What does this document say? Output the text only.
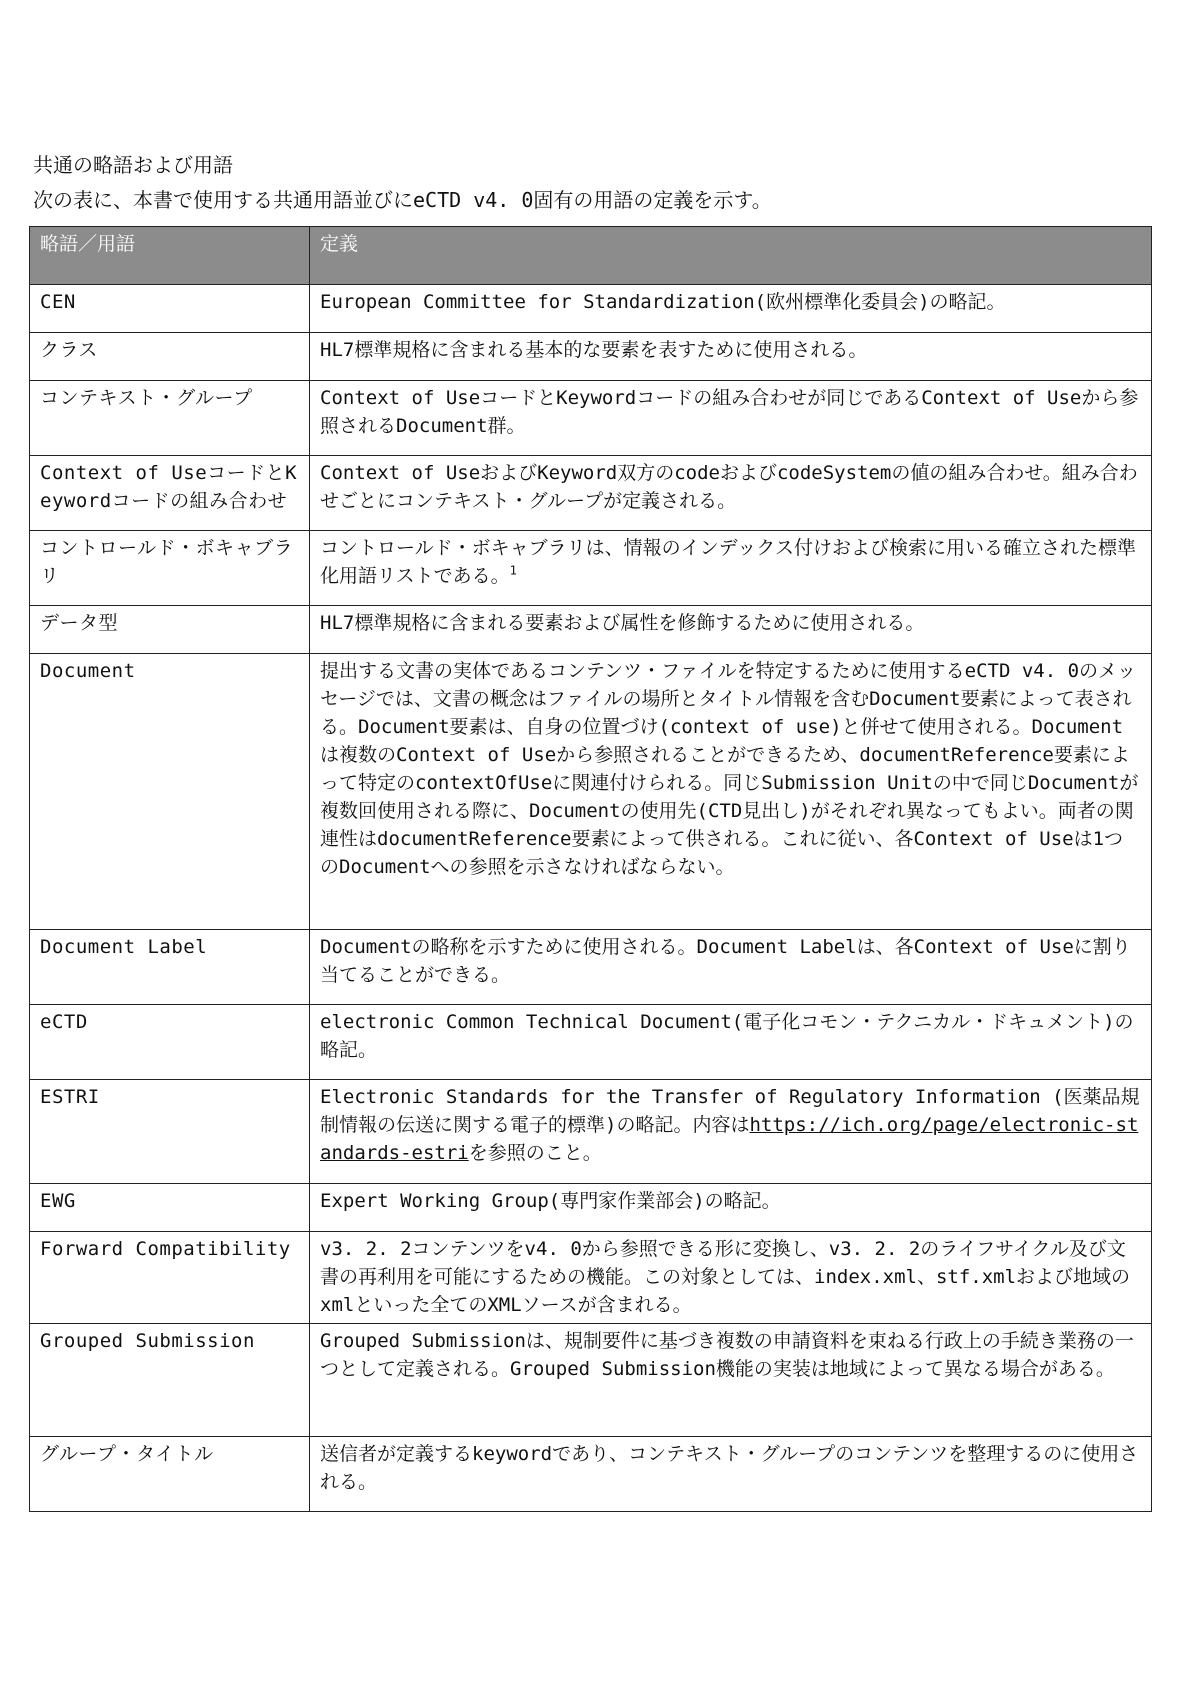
共通の略語および用語
次の表に、本書で使用する共通用語並びにeCTD v4. 0固有の用語の定義を示す。
略語／用語	定義
CEN	European Committee for Standardization(欧州標準化委員会)の略記。
クラス	HL7標準規格に含まれる基本的な要素を表すために使用される。
コンテキスト・グループ	Context of UseコードとKeywordコードの組み合わせが同じであるContext of Useから参照されるDocument群。
Context of UseコードとKeywordコードの組み合わせ	Context of UseおよびKeyword双方のcodeおよびcodeSystemの値の組み合わせ。組み合わせごとにコンテキスト・グループが定義される。
コントロールド・ボキャブラリ	コントロールド・ボキャブラリは、情報のインデックス付けおよび検索に用いる確立された標準化用語リストである。$^1$
データ型	HL7標準規格に含まれる要素および属性を修飾するために使用される。
Document	提出する文書の実体であるコンテンツ・ファイルを特定するために使用するeCTD v4. 0のメッセージでは、文書の概念はファイルの場所とタイトル情報を含むDocument要素によって表される。Document要素は、自身の位置づけ(context of use)と併せて使用される。Documentは複数のContext of Useから参照されることができるため、documentReference要素によって特定のcontextOfUseに関連付けられる。同じSubmission Unitの中で同じDocumentが複数回使用される際に、Documentの使用先(CTD見出し)がそれぞれ異なってもよい。両者の関連性はdocumentReference要素によって供される。これに従い、各Context of Useは1つのDocumentへの参照を示さなければならない。
Document Label	Documentの略称を示すために使用される。Document Labelは、各Context of Useに割り当てることができる。
eCTD	electronic Common Technical Document(電子化コモン・テクニカル・ドキュメント)の略記。
ESTRI	Electronic Standards for the Transfer of Regulatory Information (医薬品規制情報の伝送に関する電子的標準)の略記。内容はhttps://ich.org/page/electronic-standards-estriを参照のこと。
EWG	Expert Working Group(専門家作業部会)の略記。
Forward Compatibility	v3. 2. 2コンテンツをv4. 0から参照できる形に変換し、v3. 2. 2のライフサイクル及び文書の再利用を可能にするための機能。この対象としては、index.xml、stf.xmlおよび地域のxmlといった全てのXMLソースが含まれる。
Grouped Submission	Grouped Submissionは、規制要件に基づき複数の申請資料を束ねる行政上の手続き業務の一つとして定義される。Grouped Submission機能の実装は地域によって異なる場合がある。
グループ・タイトル	送信者が定義するkeywordであり、コンテキスト・グループのコンテンツを整理するのに使用される。
